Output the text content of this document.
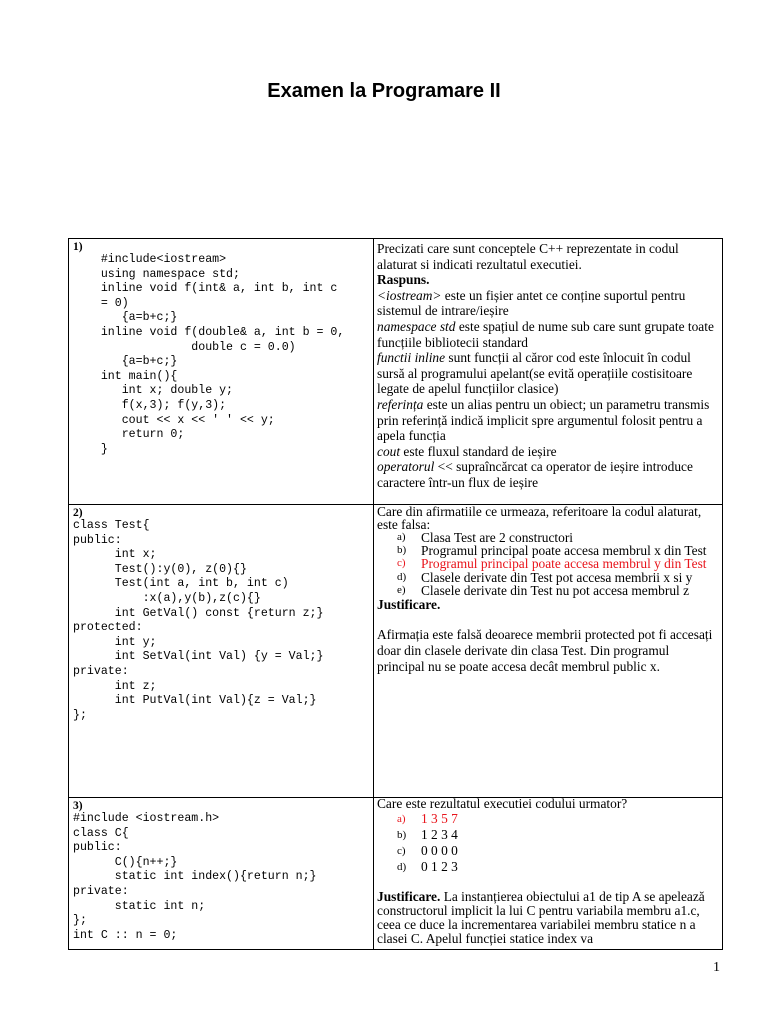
Examen la Programare II
1)
#include<iostream>
using namespace std;
inline void f(int& a, int b, int c
= 0)
{a=b+c;}
inline void f(double& a, int b = 0,
double c = 0.0)
{a=b+c;}
int main(){
int x; double y;
f(x,3); f(y,3);
cout << x << ' ' << y;
return 0;
}

Precizati care sunt conceptele C++ reprezentate in codul alaturat si indicati rezultatul executiei.

Raspuns.

<iostream> este un fișier antet ce conține suportul pentru sistemul de intrare/ieșire

namespace std este spațiul de nume sub care sunt grupate toate funcțiile bibliotecii standard

functii inline sunt funcții al căror cod este înlocuit în codul sursă al programului apelant(se evită operațiile costisitoare legate de apelul funcțiilor clasice)

referința este un alias pentru un obiect; un parametru transmis prin referință indică implicit spre argumentul folosit pentru a apela funcția

cout este fluxul standard de ieșire

operatorul << supraîncărcat ca operator de ieșire introduce caractere într-un flux de ieșire

2)
class Test{
public:
int x;
Test():y(0), z(0){}
Test(int a, int b, int c)
:x(a),y(b),z(c){}
int GetVal() const {return z;}
protected:
int y;
int SetVal(int Val) {y = Val;}
private:
int z;
int PutVal(int Val){z = Val;}
};

Care din afirmatiile ce urmeaza, referitoare la codul alaturat, este falsa:

a) Clasa Test are 2 constructori
b) Programul principal poate accesa membrul x din Test
c) Programul principal poate accesa membrul y din Test
d) Clasele derivate din Test pot accesa membrii x si y
e) Clasele derivate din Test nu pot accesa membrul z

Justificare.

Afirmația este falsă deoarece membrii protected pot fi accesați doar din clasele derivate din clasa Test. Din programul principal nu se poate accesa decât membrul public x.

3)
#include <iostream.h>
class C{
public:
C(){n++;}
static int index(){return n;}
private:
static int n;
};
int C :: n = 0;

Care este rezultatul executiei codului urmator?

a) 1 3 5 7
b) 1 2 3 4
c) 0 0 0 0
d) 0 1 2 3

Justificare. La instanțierea obiectului a1 de tip A se apelează constructorul implicit la lui C pentru variabila membru a1.c, ceea ce duce la incrementarea variabilei membru statice n a clasei C. Apelul funcției statice index va

1
